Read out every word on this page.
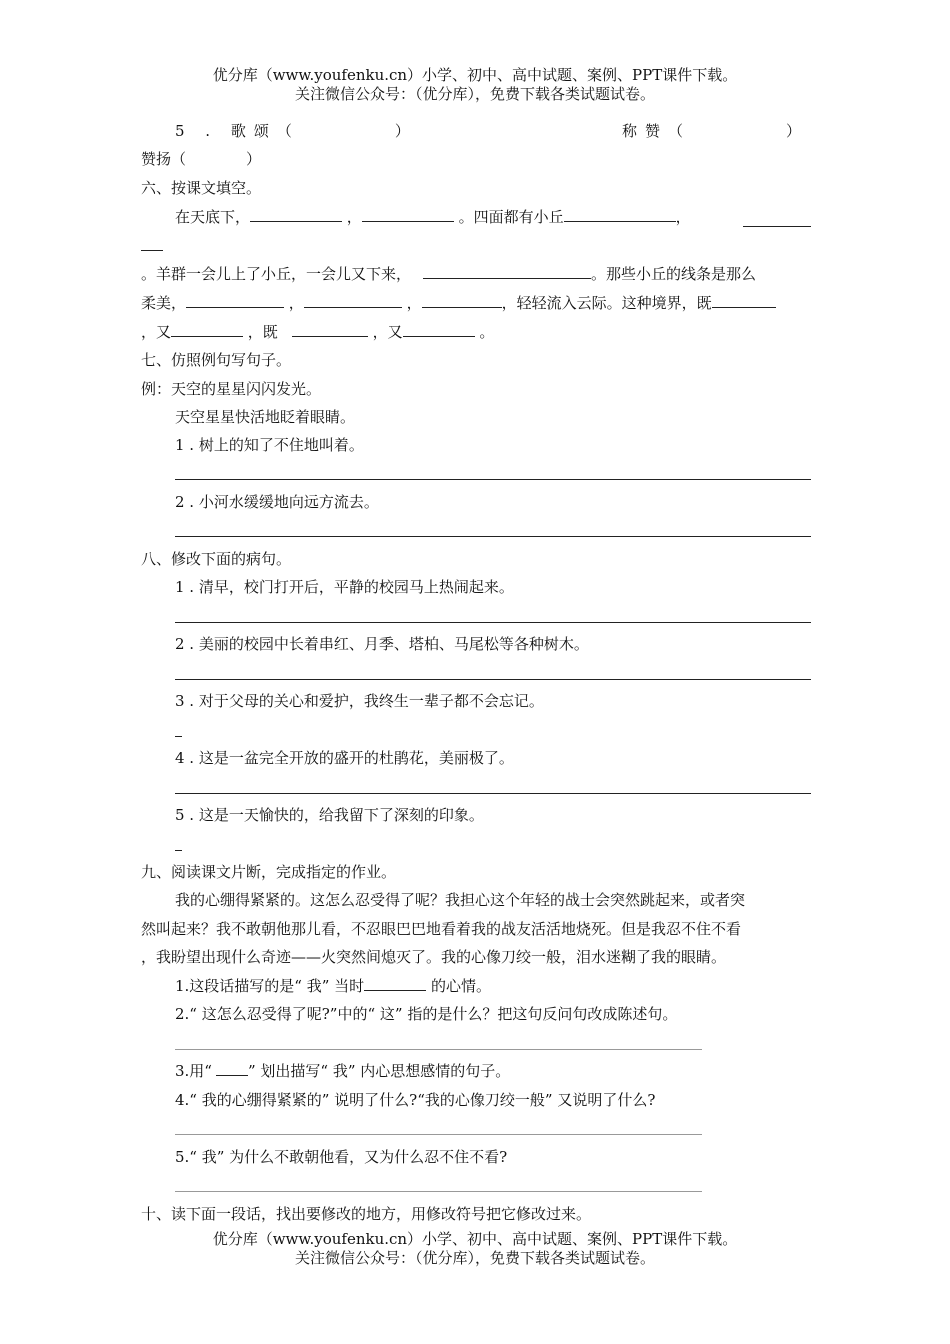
优分库（www.youfenku.cn）小学、初中、高中试题、案例、PPT课件下载。
关注微信公众号：（优分库），免费下载各类试题试卷。
5 . 歌颂（	）	称赞（	）
赞扬（	）
六、按课文填空。
在天底下，	，	。四面都有小丘	，
。羊群一会儿上了小丘，一会儿又下来，	。那些小丘的线条是那么
柔美，	，	，	，轻轻流入云际。这种境界，既
，又	，既	，又	。
七、仿照例句写句子。
例：天空的星星闪闪发光。
天空星星快活地眨着眼睛。
1 . 树上的知了不住地叫着。
2 . 小河水缓缓地向远方流去。
八、修改下面的病句。
1 . 清早，校门打开后，平静的校园马上热闹起来。
2 . 美丽的校园中长着串红、月季、塔柏、马尾松等各种树木。
3 . 对于父母的关心和爱护，我终生一辈子都不会忘记。
4 . 这是一盆完全开放的盛开的杜鹃花，美丽极了。
5 . 这是一天愉快的，给我留下了深刻的印象。
九、阅读课文片断，完成指定的作业。
我的心绷得紧紧的。这怎么忍受得了呢？我担心这个年轻的战士会突然跳起来，或者突
然叫起来？我不敢朝他那儿看，不忍眼巴巴地看着我的战友活活地烧死。但是我忍不住不看
，我盼望出现什么奇迹——火突然间熄灭了。我的心像刀绞一般，泪水迷糊了我的眼睛。
1.这段话描写的是“ 我” 当时	的心情。
2.“ 这怎么忍受得了呢?”中的“ 这” 指的是什么？把这句反问句改成陈述句。
3.用“ ” 划出描写“ 我” 内心思想感情的句子。
4.“ 我的心绷得紧紧的” 说明了什么?“我的心像刀绞一般” 又说明了什么?
5.“ 我” 为什么不敢朝他看，又为什么忍不住不看?
十、读下面一段话，找出要修改的地方，用修改符号把它修改过来。
优分库（www.youfenku.cn）小学、初中、高中试题、案例、PPT课件下载。
关注微信公众号：（优分库），免费下载各类试题试卷。
